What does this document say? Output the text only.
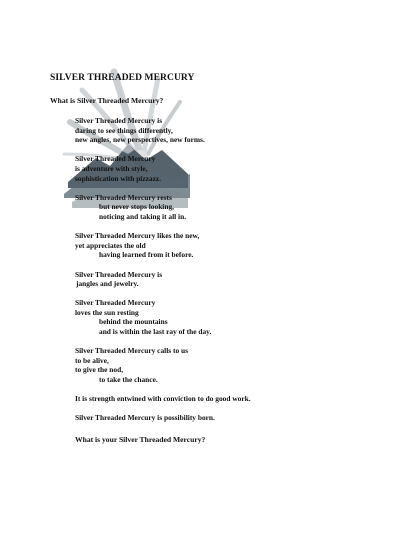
SILVER THREADED MERCURY
What is Silver Threaded Mercury?
Silver Threaded Mercury is
daring to see things differently,
new angles, new perspectives, new forms.
Silver Threaded Mercury
is adventure with style,
sophistication with pizzazz.
Silver Threaded Mercury rests
but never stops looking,
noticing and taking it all in.
Silver Threaded Mercury likes the new,
yet appreciates the old
having learned from it before.
Silver Threaded Mercury is
jangles and jewelry.
Silver Threaded Mercury
loves the sun resting
behind the mountains
and is within the last ray of the day.
Silver Threaded Mercury calls to us
to be alive,
to give the nod,
to take the chance.
It is strength entwined with conviction to do good work.
Silver Threaded Mercury is possibility born.
What is your Silver Threaded Mercury?
